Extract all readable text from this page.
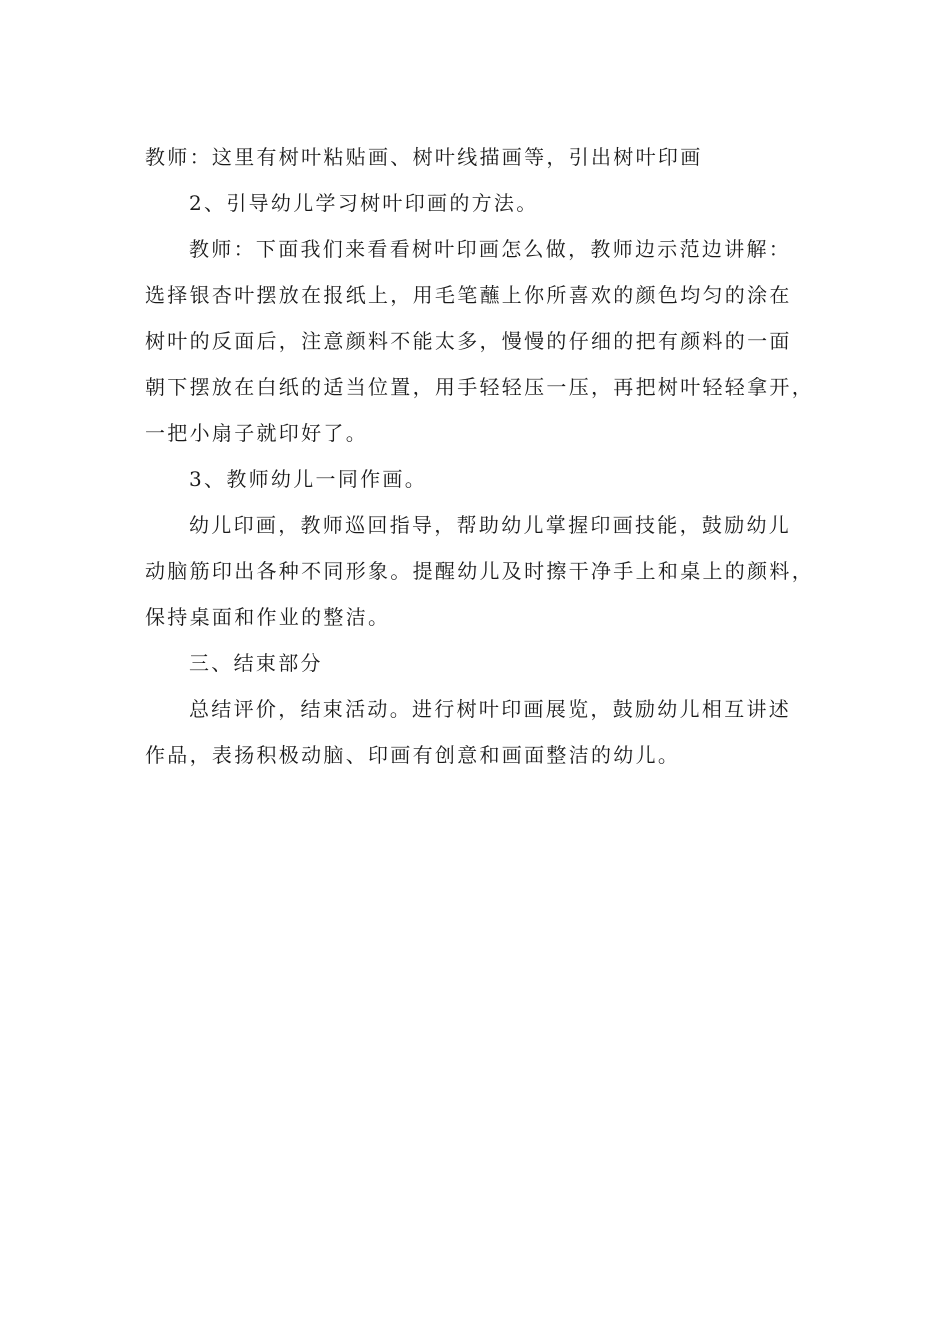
教师：这里有树叶粘贴画、树叶线描画等，引出树叶印画
2、引导幼儿学习树叶印画的方法。
教师：下面我们来看看树叶印画怎么做，教师边示范边讲解：
选择银杏叶摆放在报纸上，用毛笔蘸上你所喜欢的颜色均匀的涂在
树叶的反面后，注意颜料不能太多，慢慢的仔细的把有颜料的一面
朝下摆放在白纸的适当位置，用手轻轻压一压，再把树叶轻轻拿开，
一把小扇子就印好了。
3、教师幼儿一同作画。
幼儿印画，教师巡回指导，帮助幼儿掌握印画技能，鼓励幼儿
动脑筋印出各种不同形象。提醒幼儿及时擦干净手上和桌上的颜料，
保持桌面和作业的整洁。
三、结束部分
总结评价，结束活动。进行树叶印画展览，鼓励幼儿相互讲述
作品，表扬积极动脑、印画有创意和画面整洁的幼儿。
